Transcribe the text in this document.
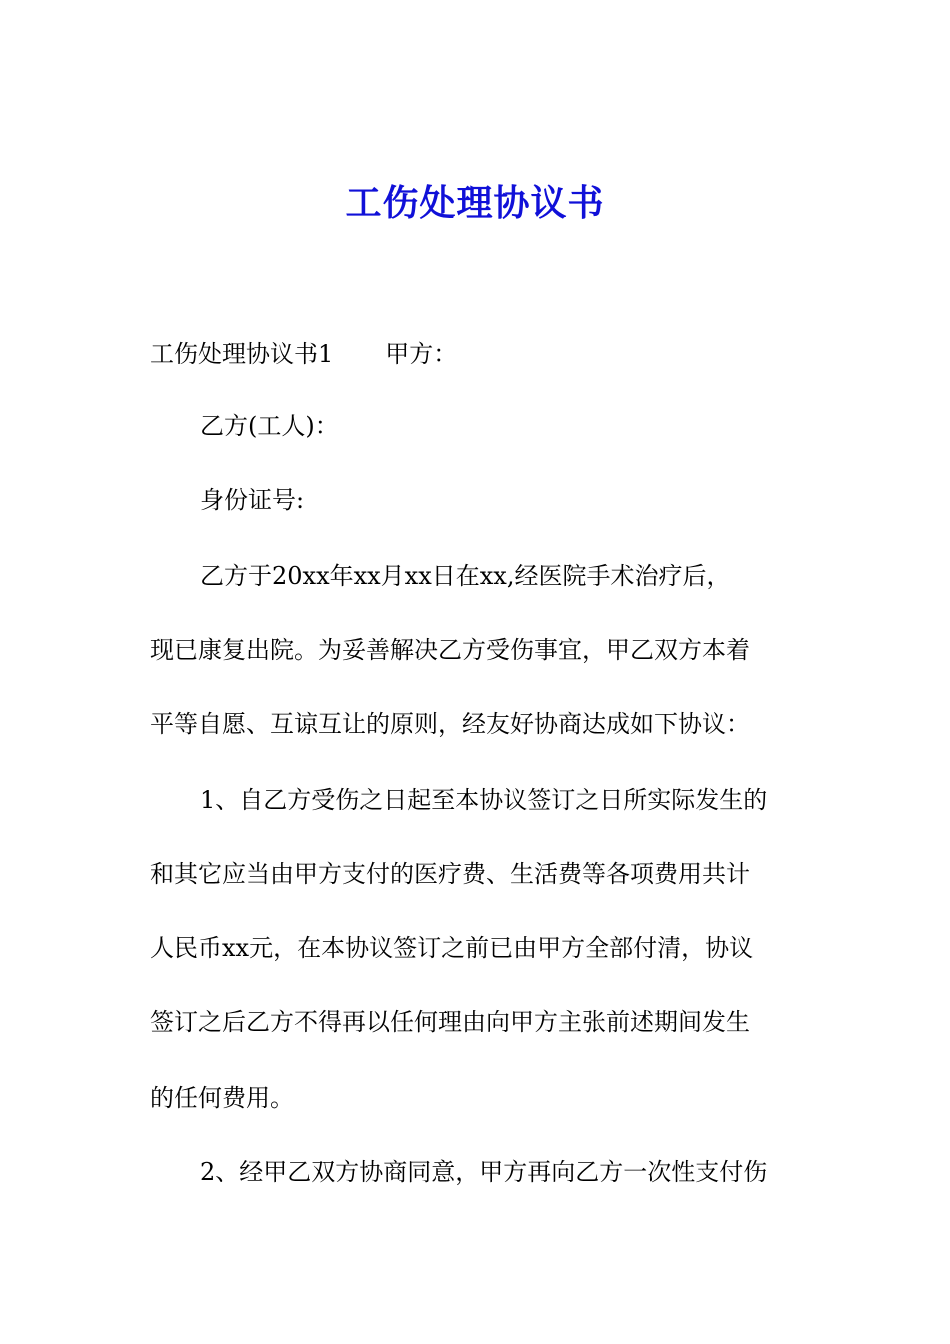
工伤处理协议书
工伤处理协议书1 甲方：
乙方(工人)：
身份证号:
乙方于20xx年xx月xx日在xx,经医院手术治疗后，
现已康复出院。为妥善解决乙方受伤事宜，甲乙双方本着
平等自愿、互谅互让的原则，经友好协商达成如下协议：
1、自乙方受伤之日起至本协议签订之日所实际发生的
和其它应当由甲方支付的医疗费、生活费等各项费用共计
人民币xx元，在本协议签订之前已由甲方全部付清，协议
签订之后乙方不得再以任何理由向甲方主张前述期间发生
的任何费用。
2、经甲乙双方协商同意，甲方再向乙方一次性支付伤
